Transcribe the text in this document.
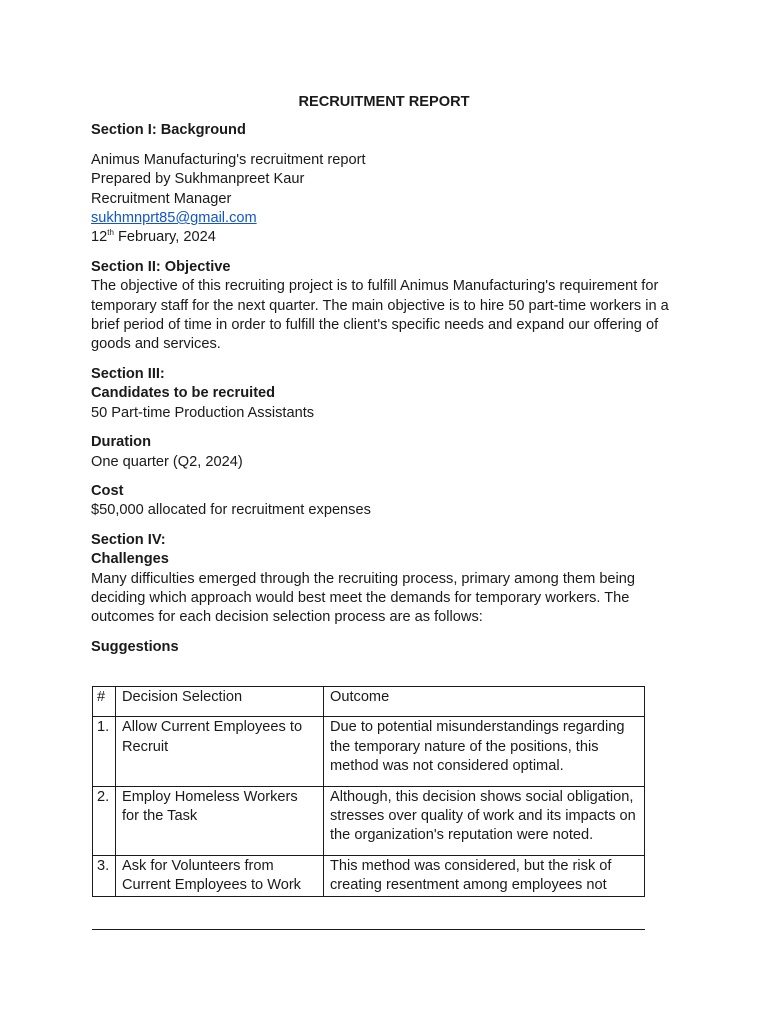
RECRUITMENT REPORT

Section I: Background

Animus Manufacturing's recruitment report

Prepared by Sukhmanpreet Kaur

Recruitment Manager

sukhmnprt85@gmail.com

12th February, 2024

Section II: Objective

The objective of this recruiting project is to fulfill Animus Manufacturing's requirement for temporary staff for the next quarter. The main objective is to hire 50 part-time workers in a brief period of time in order to fulfill the client's specific needs and expand our offering of goods and services.

Section III:

Candidates to be recruited

50 Part-time Production Assistants

Duration

One quarter (Q2, 2024)

Cost

$50,000 allocated for recruitment expenses

Section IV:

Challenges

Many difficulties emerged through the recruiting process, primary among them being deciding which approach would best meet the demands for temporary workers. The outcomes for each decision selection process are as follows:

Suggestions

#	Decision Selection	Outcome
1.	Allow Current Employees to Recruit	Due to potential misunderstandings regarding the temporary nature of the positions, this method was not considered optimal.
2.	Employ Homeless Workers for the Task	Although, this decision shows social obligation, stresses over quality of work and its impacts on the organization's reputation were noted.
3.	Ask for Volunteers from Current Employees to Work	This method was considered, but the risk of creating resentment among employees not
